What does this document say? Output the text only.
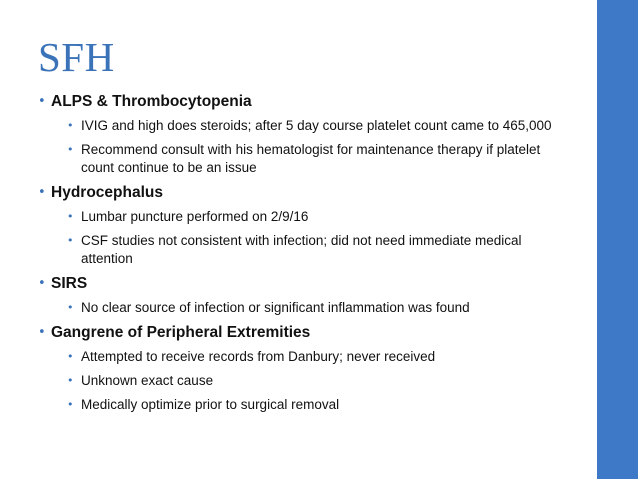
SFH
• ALPS & Thrombocytopenia
• IVIG and high does steroids; after 5 day course platelet count came to 465,000
• Recommend consult with his hematologist for maintenance therapy if platelet count continue to be an issue
• Hydrocephalus
• Lumbar puncture performed on 2/9/16
• CSF studies not consistent with infection; did not need immediate medical attention
• SIRS
• No clear source of infection or significant inflammation was found
• Gangrene of Peripheral Extremities
• Attempted to receive records from Danbury; never received
• Unknown exact cause
• Medically optimize prior to surgical removal
